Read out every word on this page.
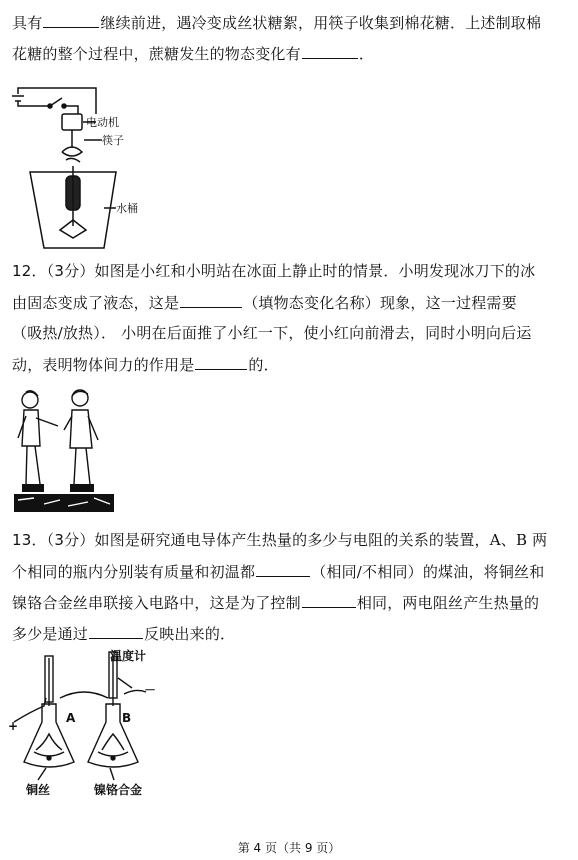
具有	继续前进，遇冷变成丝状糖絮，用筷子收集到棉花糖．上述制取棉
花糖的整个过程中，蔗糖发生的物态变化有	．
电动机
筷子
水桶
12．（3分）如图是小红和小明站在冰面上静止时的情景．小明发现冰刀下的冰
由固态变成了液态，这是	（填物态变化名称）现象，这一过程需要
（吸热/放热）． 小明在后面推了小红一下，使小红向前滑去，同时小明向后运
动，表明物体间力的作用是	的．
13．（3分）如图是研究通电导体产生热量的多少与电阻的关系的装置，A、B 两
个相同的瓶内分别装有质量和初温都	（相同/不相同）的煤油，将铜丝和
镍铬合金丝串联接入电路中，这是为了控制	相同，两电阻丝产生热量的
多少是通过	反映出来的．
温度计
A	B
+
－
铜丝	镍铬合金
第 4 页（共 9 页）
